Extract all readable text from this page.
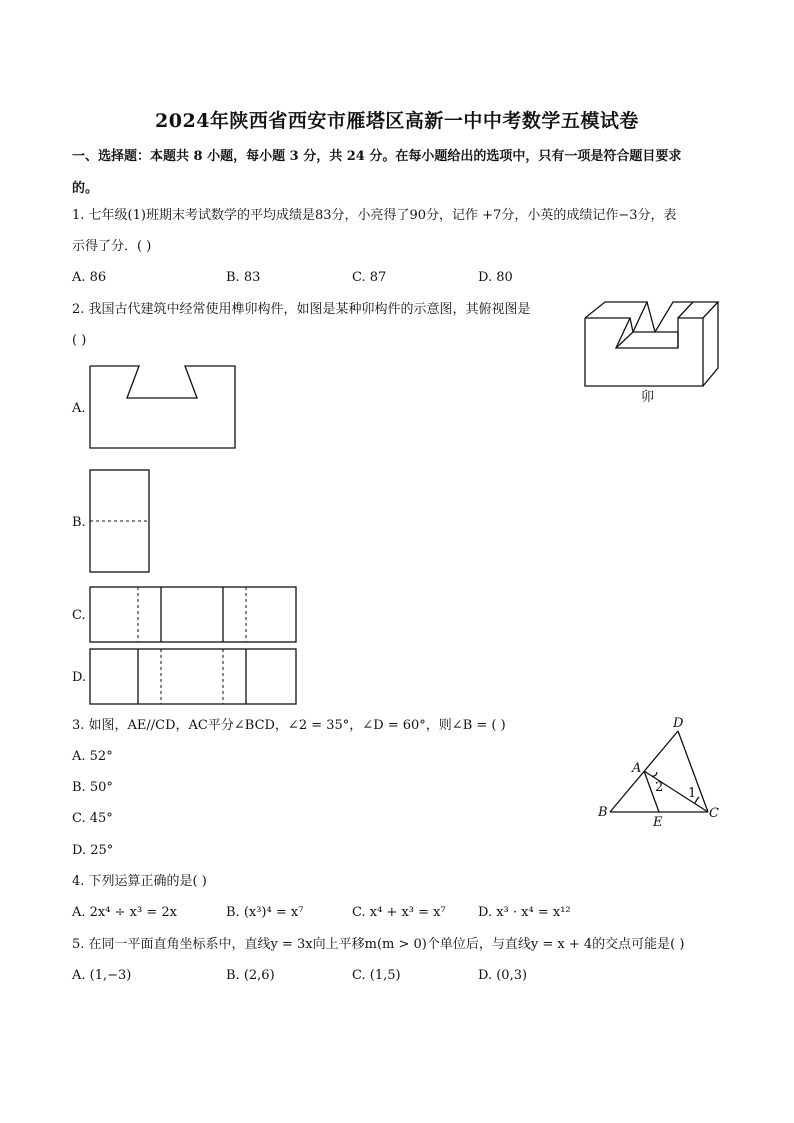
2024年陕西省西安市雁塔区高新一中中考数学五模试卷
一、选择题：本题共 8 小题，每小题 3 分，共 24 分。在每小题给出的选项中，只有一项是符合题目要求
的。
1. 七年级(1)班期末考试数学的平均成绩是83分，小亮得了90分，记作 +7分，小英的成绩记作−3分，表
示得了分．( )
A. 86	B. 83	C. 87	D. 80
2. 我国古代建筑中经常使用榫卯构件，如图是某种卯构件的示意图，其俯视图是
( )
卯
A.
B.
C.
D.
3. 如图，AE//CD，AC平分∠BCD，∠2 = 35°，∠D = 60°，则∠B = ( )
A. 52°
B. 50°
C. 45°
D. 25°
D
A
B
E
C
1
2
4. 下列运算正确的是( )
A. 2x⁴ ÷ x³ = 2x	B. (x³)⁴ = x⁷	C. x⁴ + x³ = x⁷ D. x³ · x⁴ = x¹²
5. 在同一平面直角坐标系中，直线y = 3x向上平移m(m > 0)个单位后，与直线y = x + 4的交点可能是( )
A. (1,−3)	B. (2,6)	C. (1,5)	D. (0,3)
